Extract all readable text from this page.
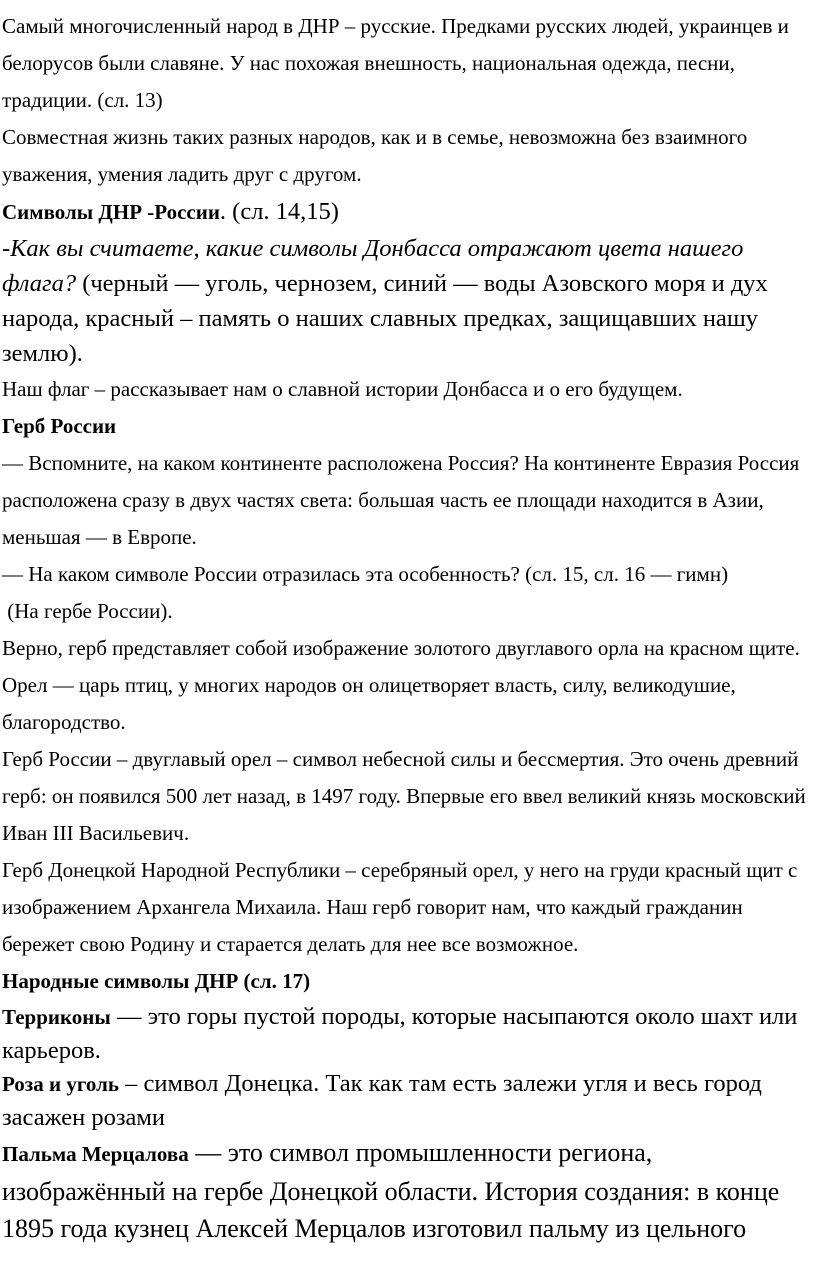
Самый многочисленный народ в ДНР – русские. Предками русских людей, украинцев и белорусов были славяне. У нас похожая внешность, национальная одежда, песни, традиции. (сл. 13)

Совместная жизнь таких разных народов, как и в семье, невозможна без взаимного уважения, умения ладить друг с другом.

Символы ДНР -России. (сл. 14,15)

-Как вы считаете, какие символы Донбасса отражают цвета нашего флага? (черный — уголь, чернозем, синий — воды Азовского моря и дух народа, красный – память о наших славных предках, защищавших нашу землю).

Наш флаг – рассказывает нам о славной истории Донбасса и о его будущем.

Герб России

— Вспомните, на каком континенте расположена Россия? На континенте Евразия Россия расположена сразу в двух частях света: большая часть ее площади находится в Азии, меньшая — в Европе.

— На каком символе России отразилась эта особенность? (сл. 15, сл. 16 — гимн)

(На гербе России).

Верно, герб представляет собой изображение золотого двуглавого орла на красном щите. Орел — царь птиц, у многих народов он олицетворяет власть, силу, великодушие, благородство.

Герб России – двуглавый орел – символ небесной силы и бессмертия. Это очень древний герб: он появился 500 лет назад, в 1497 году. Впервые его ввел великий князь московский Иван III Васильевич.

Герб Донецкой Народной Республики – серебряный орел, у него на груди красный щит с изображением Архангела Михаила. Наш герб говорит нам, что каждый гражданин бережет свою Родину и старается делать для нее все возможное.

Народные символы ДНР (сл. 17)

Терриконы — это горы пустой породы, которые насыпаются около шахт или карьеров.

Роза и уголь – символ Донецка. Так как там есть залежи угля и весь город засажен розами

Пальма Мерцалова — это символ промышленности региона, изображённый на гербе Донецкой области. История создания: в конце 1895 года кузнец Алексей Мерцалов изготовил пальму из цельного
